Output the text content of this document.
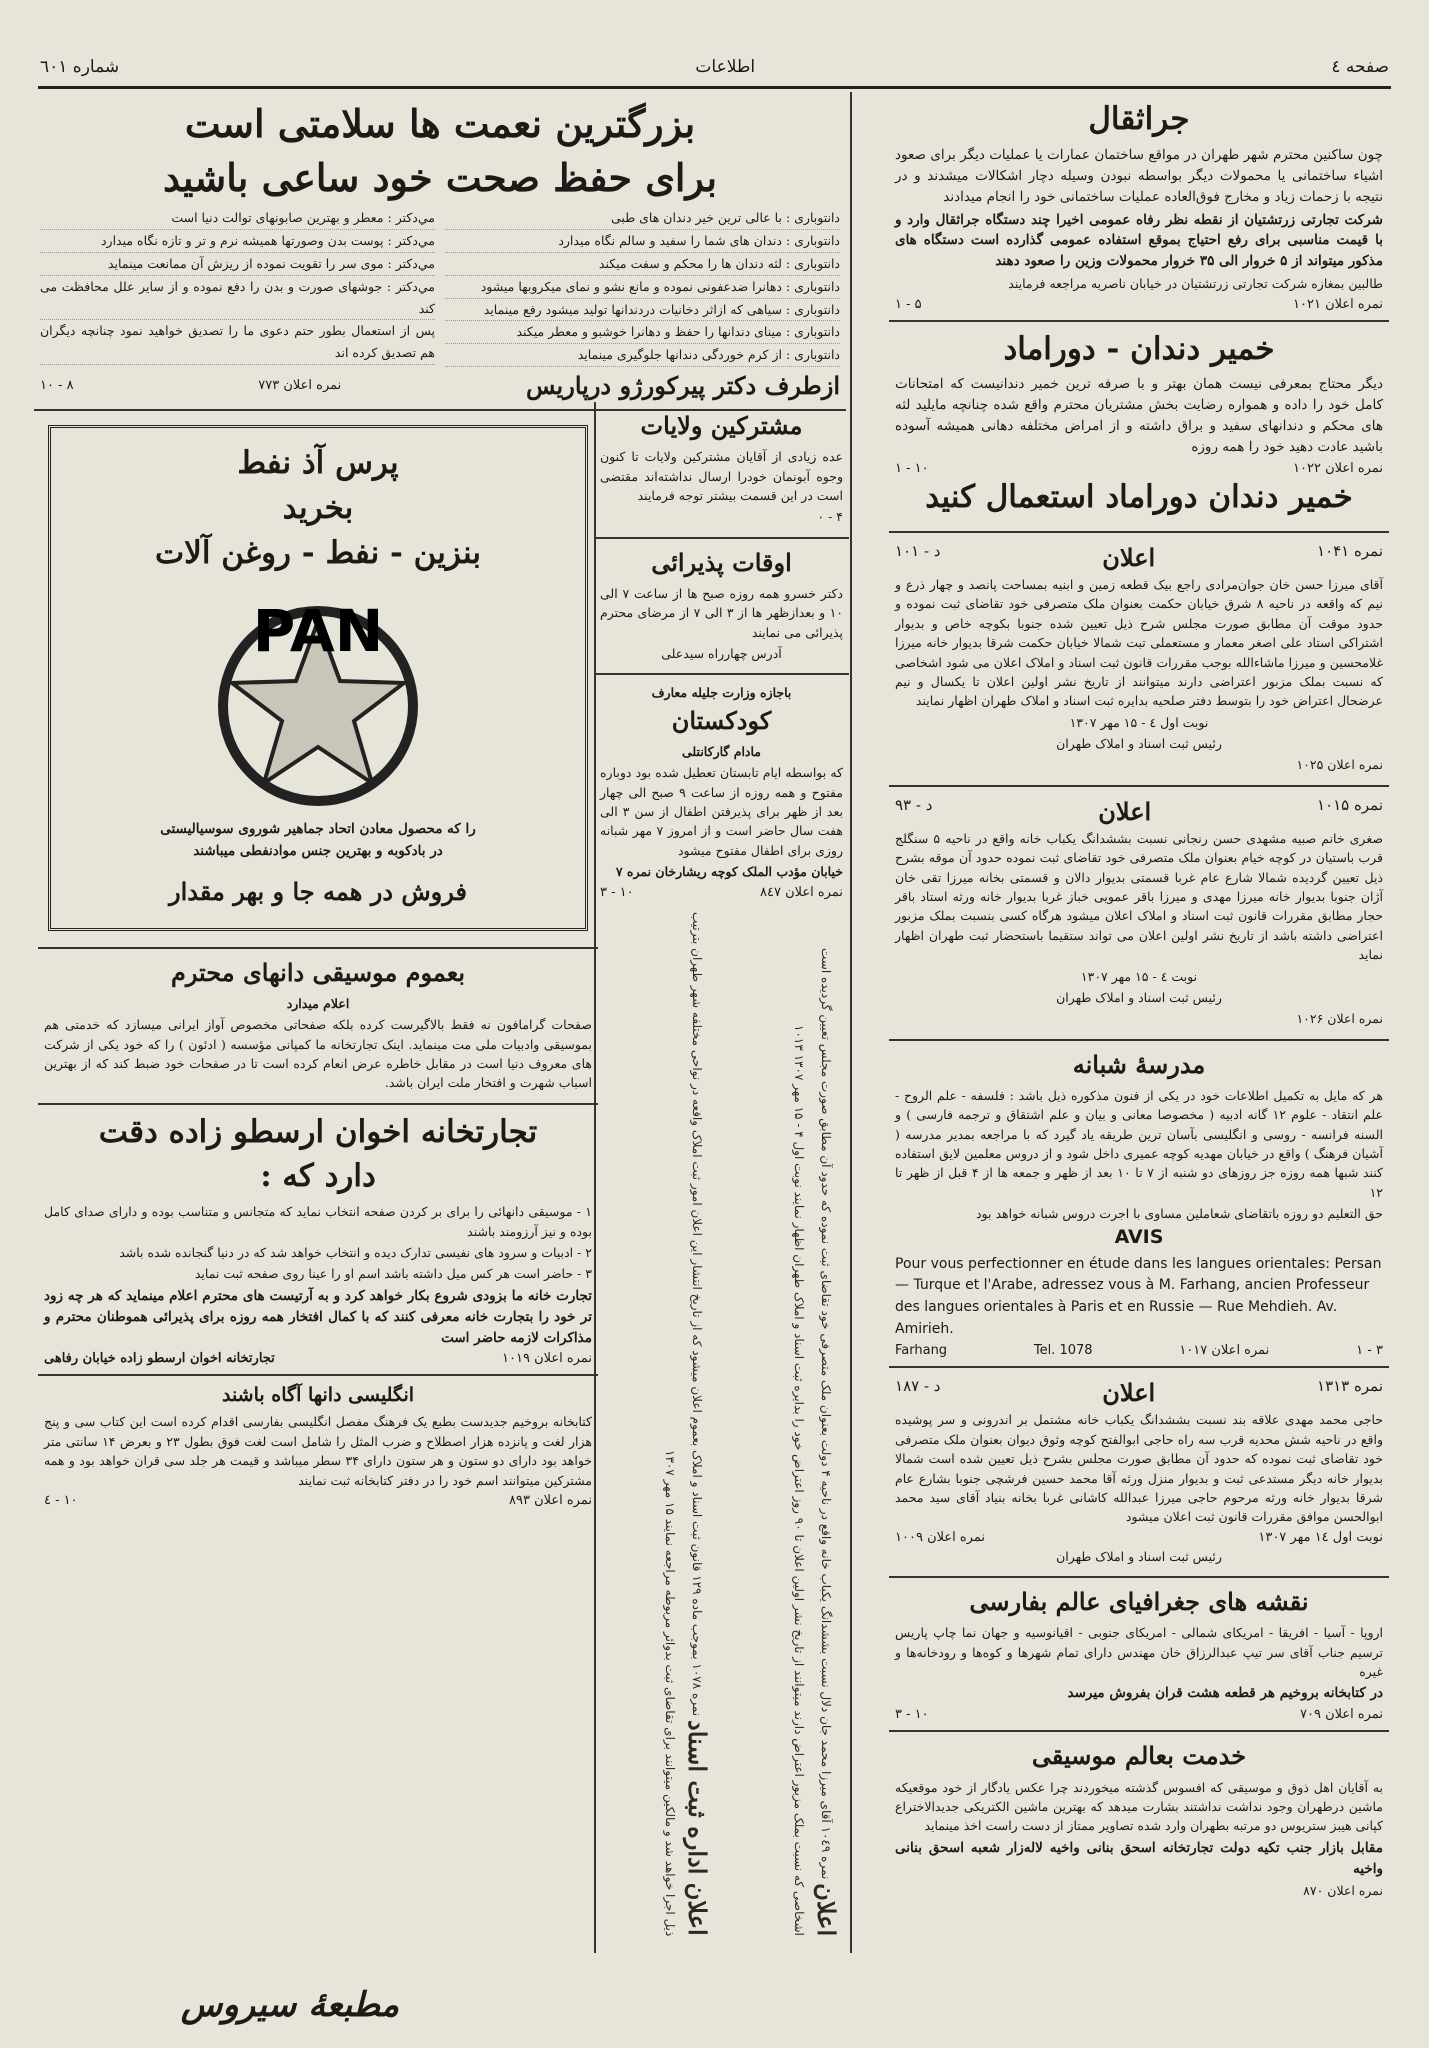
صفحه ٤
اطلاعات
شماره ٦٠١
جراثقال

چون ساکنین محترم شهر طهران در مواقع ساختمان عمارات یا عملیات دیگر برای صعود اشیاء ساختمانی یا محمولات دیگر بواسطه نبودن وسیله دچار اشکالات میشدند و در نتیجه با زحمات زیاد و مخارج فوق‌العاده عملیات ساختمانی خود را انجام میدادند

شرکت تجارتی زرتشتیان از نقطه نظر رفاه عمومی اخیرا چند دستگاه جراثقال وارد و با قیمت مناسبی برای رفع احتیاج بموقع استفاده عمومی گذارده است دستگاه های مذکور میتواند از ۵ خروار الی ۳۵ خروار محمولات وزین را صعود دهند

طالبین بمغازه شرکت تجارتی زرتشتیان در خیابان ناصریه مراجعه فرمایند

نمره اعلان ۱۰۲۱
۵ - ۱
خمیر دندان - دوراماد

دیگر محتاج بمعرفی نیست همان بهتر و با صرفه ترین خمیر دندانیست که امتحانات کامل خود را داده و همواره رضایت بخش مشتریان محترم واقع شده چنانچه مایلید لثه های محکم و دندانهای سفید و براق داشته و از امراض مختلفه دهانی همیشه آسوده باشید عادت دهید خود را همه روزه

نمره اعلان ۱۰۲۲
۱۰ - ۱
خمیر دندان دوراماد استعمال کنید
نمره ۱۰۴۱
اعلان
د - ۱۰۱

آقای میرزا حسن خان جوان‌مرادی راجع بیک قطعه زمین و ابنیه بمساحت پانصد و چهار ذرع و نیم که واقعه در ناحیه ۸ شرق خیابان حکمت بعنوان ملک متصرفی خود تقاضای ثبت نموده و حدود موقت آن مطابق صورت مجلس شرح ذیل تعیین شده جنوبا بکوچه خاص و بدیوار اشتراکی استاد علی اصغر معمار و مستعملی تبت شمالا خیابان حکمت شرقا بدیوار خانه میرزا غلامحسین و میرزا ماشاءالله بوجب مقررات قانون ثبت اسناد و املاک اعلان می شود اشخاصی که نسبت بملک مزبور اعتراضی دارند میتوانند از تاریخ نشر اولین اعلان تا یکسال و نیم عرضحال اعتراض خود را بتوسط دفتر صلحیه بدایره ثبت اسناد و املاک طهران اظهار نمایند

نوبت اول ٤ - ۱۵ مهر ۱۳۰۷

رئیس ثبت اسناد و املاک طهران

نمره اعلان ۱۰۲۵

نمره ۱۰۱۵
اعلان
د - ۹۳

صغری خانم صبیه مشهدی حسن رنجانی نسبت بششدانگ یکباب خانه واقع در ناحیه ۵ سنگلج قرب باستیان در کوچه خیام بعنوان ملک متصرفی خود تقاضای ثبت نموده حدود آن موقه بشرح ذیل تعیین گردیده شمالا شارع عام غربا قسمتی بدیوار دالان و قسمتی بخانه میرزا تقی خان آژان جنوبا بدیوار خانه میرزا مهدی و میرزا باقر عمویی خباز غربا بدیوار خانه ورثه استاد باقر حجار مطابق مقررات قانون ثبت اسناد و املاک اعلان میشود هرگاه کسی بنسبت بملک مزبور اعتراضی داشته باشد از تاریخ نشر اولین اعلان می تواند ستقیما باستحضار ثبت طهران اظهار نماید

نوبت ٤ - ۱۵ مهر ۱۳۰۷

رئیس ثبت اسناد و املاک طهران

نمره اعلان ۱۰۲۶

مدرسهٔ شبانه

هر که مایل به تکمیل اطلاعات خود در یکی از فنون مذکوره ذیل باشد : فلسفه - علم الروح - علم انتقاد - علوم ۱۲ گانه ادبیه ( مخصوصا معانی و بیان و علم اشتقاق و ترجمه فارسی ) و السنه فرانسه - روسی و انگلیسی بآسان ترین طریقه یاد گیرد که با مراجعه بمدیر مدرسه ( آشیان فرهنگ ) واقع در خیابان مهدیه کوچه عمیری داخل شود و از دروس معلمین لایق استفاده کنند شبها همه روزه جز روزهای دو شنبه از ۷ تا ۱۰ بعد از ظهر و جمعه ها از ۴ قبل از ظهر تا ۱۲

حق التعلیم دو روزه باتقاضای شعاملین مساوی با اجرت دروس شبانه خواهد بود

AVIS

Pour vous perfectionner en étude dans les langues orientales: Persan — Turque et l'Arabe, adressez vous à M. Farhang, ancien Professeur des langues orientales à Paris et en Russie — Rue Mehdieh. Av. Amirieh.

Farhang	Tel. 1078	نمره اعلان ۱۰۱۷	۱ - ۳
نمره ۱۳۱۳
اعلان
د - ۱۸۷

حاجی محمد مهدی علاقه بند نسبت بششدانگ یکباب خانه مشتمل بر اندرونی و سر پوشیده واقع در ناحیه شش محدیه قرب سه راه حاجی ابوالفتح کوچه وثوق دیوان بعنوان ملک متصرفی خود تقاضای ثبت نموده که حدود آن مطابق صورت مجلس بشرح ذیل تعیین شده است شمالا بدیوار خانه دیگر مستدعی ثبت و بدیوار منزل ورثه آقا محمد حسین فرشچی جنوبا بشارع عام شرقا بدیوار خانه ورثه مرحوم حاجی میرزا عبدالله کاشانی غربا بخانه بنیاد آقای سید محمد ابوالحسن موافق مقررات قانون ثبت اعلان میشود

نوبت اول ۱٤ مهر ۱۳۰۷
نمره اعلان ۱۰۰۹

رئیس ثبت اسناد و املاک طهران

نقشه های جغرافیای عالم بفارسی

اروپا - آسیا - افریقا - امریکای شمالی - امریکای جنوبی - اقیانوسیه و جهان نما چاپ پاریس ترسیم جناب آقای سر تیپ عبدالرزاق خان مهندس دارای تمام شهرها و کوه‌ها و رودخانه‌ها و غیره

در کتابخانه بروخیم هر قطعه هشت قران بفروش میرسد

نمره اعلان ۷۰۹
۱۰ - ۳
خدمت بعالم موسیقی

به آقایان اهل ذوق و موسیقی که افسوس گذشته میخوردند چرا عکس یادگار از خود موقعیکه ماشین درطهران وجود نداشت نداشتند بشارت میدهد که بهترین ماشین الکتریکی جدیدالاختراع کپانی هیبز ستریوس دو مرتبه بطهران وارد شده تصاویر ممتاز از دست راست اخذ مینماید

مقابل بازار جنب تکیه دولت تجارتخانه اسحق بنانی واخیه لاله‌زار شعبه اسحق بنانی واخیه

نمره اعلان ۸۷۰

بزرگترین نعمت ها سلامتی است
برای حفظ صحت خود ساعی باشید
دانتوباری : با عالی ترین خیر دندان های طبی
دانتوباری : دندان های شما را سفید و سالم نگاه میدارد
دانتوباری : لثه دندان ها را محکم و سفت میکند
دانتوباری : دهانرا ضدعفونی نموده و مانع نشو و نمای میکروبها میشود
دانتوباری : سیاهی که ازاثر دخانیات دردندانها تولید میشود رفع مینماید
دانتوباری : مینای دندانها را حفظ و دهانرا خوشبو و معطر میکند
دانتوباری : از کرم خوردگی دندانها جلوگیری مینماید
مي‌دکتر : معطر و بهترین صابونهای توالت دنیا است
مي‌دکتر : پوست بدن وصورتها همیشه نرم و تر و تازه نگاه میدارد
مي‌دکتر : موی سر را تقویت نموده از ریزش آن ممانعت مینماید
مي‌دکتر : جوشهای صورت و بدن را دفع نموده و از سایر علل محافظت می کند
پس از استعمال بطور حتم دعوی ما را تصدیق خواهید نمود چنانچه دیگران هم تصدیق کرده اند
ازطرف دکتر پیرکورژو درپاریس
نمره اعلان ۷۷۳
۸ - ۱۰
پرس آذ نفط
بخرید
بنزین - نفط - روغن آلات
PAN

را که محصول معادن اتحاد جماهیر شوروی سوسیالیستی

در بادکوبه و بهترین جنس موادنفطی میباشند

فروش در همه جا و بهر مقدار
بعموم موسیقی دانهای محترم

اعلام میدارد

صفحات گرامافون نه فقط بالاگیرست کرده بلکه صفحاتی مخصوص آواز ایرانی میسازد که خدمتی هم بموسیقی وادبیات ملی مت مینماید. اینک تجارتخانه ما کمپانی مؤسسه ( ادئون ) را که خود یکی از شرکت های معروف دنیا است در مقابل خاطره عرض انعام کرده است تا در صفحات خود ضبط کند که از بهترین اسباب شهرت و افتخار ملت ایران باشد.

تجارتخانه اخوان ارسطو زاده دقت
دارد که :

۱ - موسیقی دانهائی را برای بر کردن صفحه انتخاب نماید که متجانس و متناسب بوده و دارای صدای کامل بوده و نیز آرزومند باشند

۲ - ادبیات و سرود های نفیسی تدارک دیده و انتخاب خواهد شد که در دنیا گنجانده شده باشد

۳ - حاضر است هر کس میل داشته باشد اسم او را عینا روی صفحه ثبت نماید

تجارت خانه ما بزودی شروع بکار خواهد کرد و به آرتیست های محترم اعلام مینماید که هر چه زود تر خود را بتجارت خانه معرفی کنند که با کمال افتخار همه روزه برای پذیرائی هموطنان محترم و مذاکرات لازمه حاضر است

نمره اعلان ۱۰۱۹
تجارتخانه اخوان ارسطو زاده خیابان رفاهی
انگلیسی دانها آگاه باشند

کتابخانه بروخیم جدیدست بطبع یک فرهنگ مفصل انگلیسی بفارسی اقدام کرده است این کتاب سی و پنج هزار لغت و پانزده هزار اصطلاح و ضرب المثل را شامل است لغت فوق بطول ۲۳ و بعرض ۱۴ سانتی متر خواهد بود دارای دو ستون و هر ستون دارای ۳۴ سطر میباشد و قیمت هر جلد سی قران خواهد بود و همه مشترکین میتوانند اسم خود را در دفتر کتابخانه ثبت نمایند

نمره اعلان ۸۹۳
۱۰ - ٤
مشترکین ولایات

عده زیادی از آقایان مشترکین ولایات تا کنون وجوه آبونمان خودرا ارسال نداشته‌اند مقتضی است در این قسمت بیشتر توجه فرمایند

۴ - ۰

اوقات پذیرائی

دکتر خسرو همه روزه صبح ها از ساعت ۷ الی ۱۰ و بعدازظهر ها از ۳ الی ۷ از مرضای محترم پذیرائی می نمایند

آدرس چهارراه سیدعلی

باجازه وزارت جلیله معارف

کودکستان

مادام گارکانتلی

که بواسطه ایام تابستان تعطیل شده بود دوباره مفتوح و همه روزه از ساعت ۹ صبح الی چهار بعد از ظهر برای پذیرفتن اطفال از سن ۳ الی هفت سال حاضر است و از امروز ۷ مهر شبانه روزی برای اطفال مفتوح میشود

خیابان مؤدب الملک کوچه ریشارخان نمره ۷

نمره اعلان ۸٤۷
۱۰ - ۳
اعلان نمره ۱۰٤۹ آقای میرزا محمد جان دلال نسبت بششدانگ یکباب خانه واقع در ناحیه ۴ دولت بعنوان ملک متصرفی خود تقاضای ثبت نموده که حدود آن مطابق صورت مجلس تعیین گردیده است اشخاصی که نسبت بملک مزبور اعتراض دارند میتوانند از تاریخ نشر اولین اعلان تا ۹۰ روز اعتراض خود را بدایره ثبت اسناد و املاک طهران اظهار نمایند نوبت اول ۴ - ۱۵ مهر ۱۳۰۷ ۱۰۱۳
اعلان اداره ثبت اسناد نمره ۱۰۷۸ بموجب ماده ۱۲۹ قانون ثبت اسناد و املاک بعموم اعلان میشود که از تاریخ انتشار این اعلان امور ثبت املاک واقعه در نواحی مختلفه شهر طهران بترتیب ذیل اجرا خواهد شد و مالکین میتوانند برای تقاضای ثبت بدوائر مربوطه مراجعه نمایند ۱۵ مهر ۱۳۰۷
مطبعهٔ سیروس
